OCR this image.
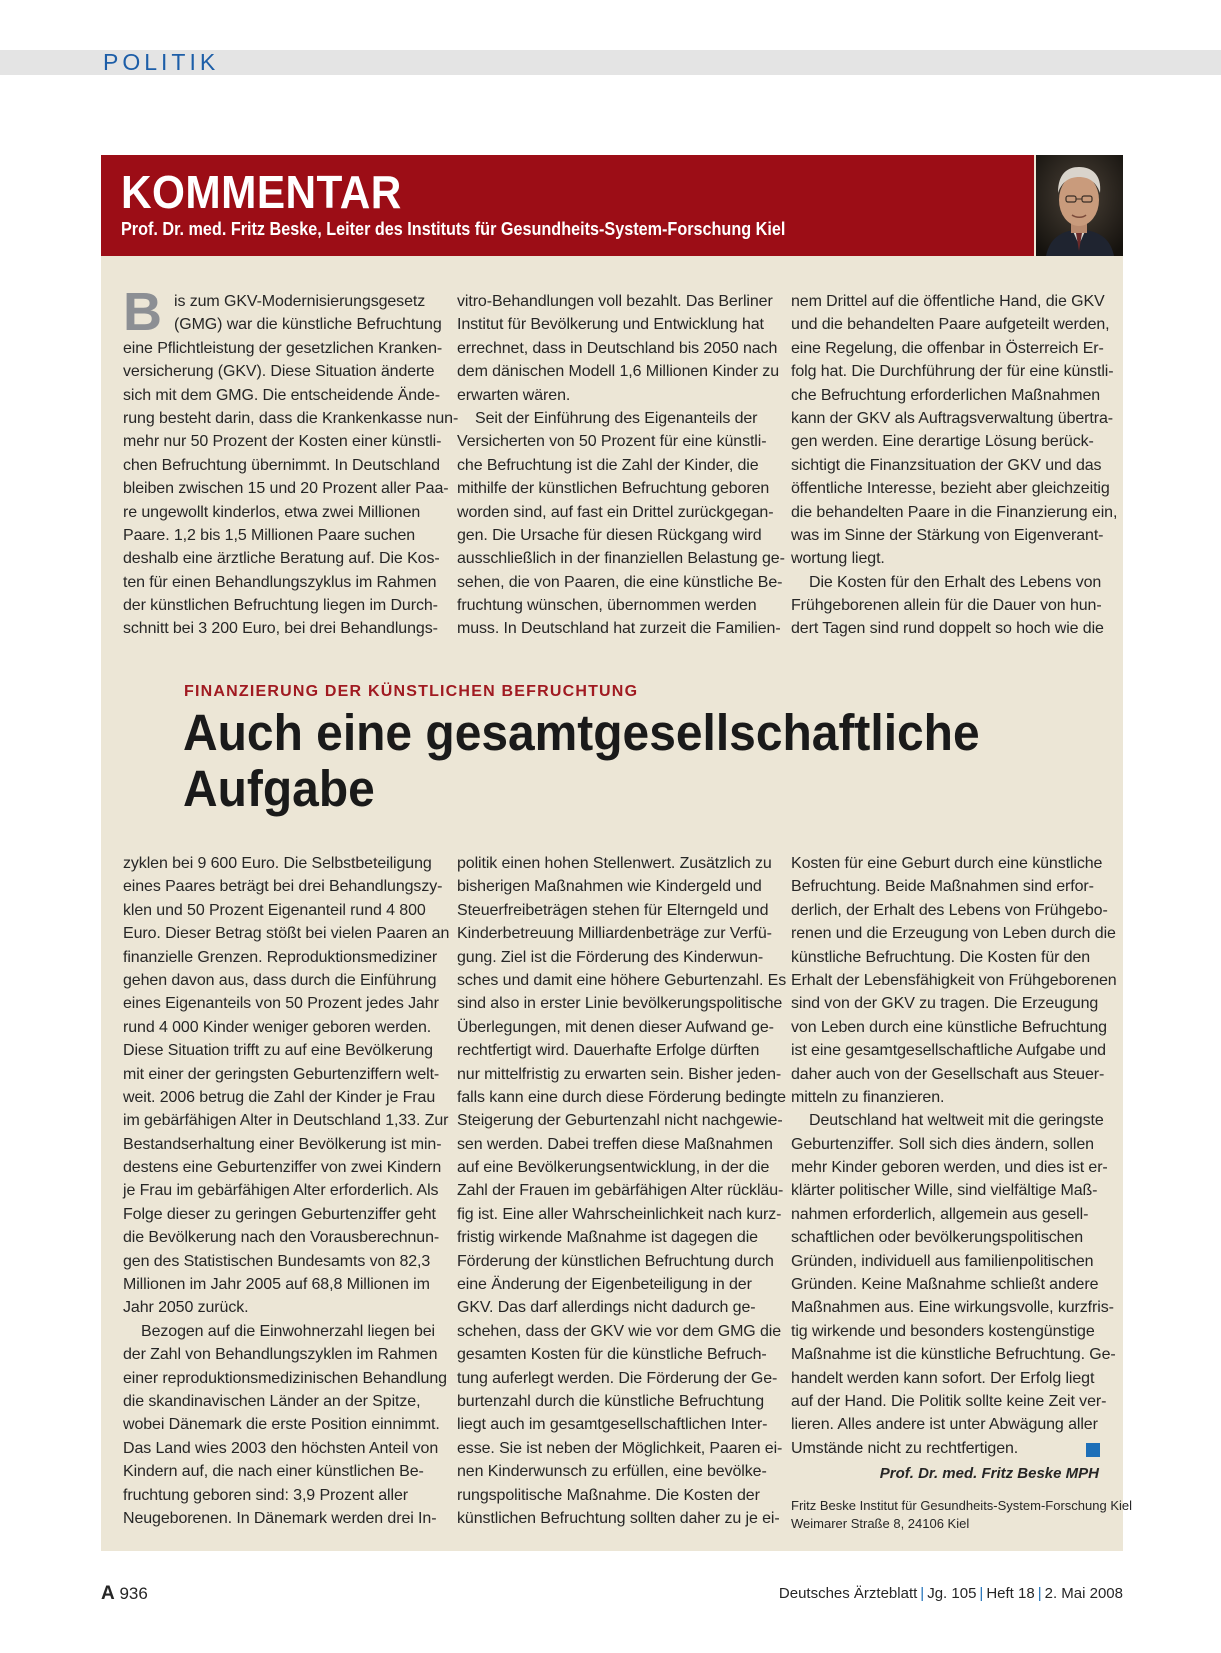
POLITIK
KOMMENTAR
Prof. Dr. med. Fritz Beske, Leiter des Instituts für Gesundheits-System-Forschung Kiel
B is zum GKV-Modernisierungsgesetz
(GMG) war die künstliche Befruchtung
eine Pflichtleistung der gesetzlichen Kranken-
versicherung (GKV). Diese Situation änderte
sich mit dem GMG. Die entscheidende Ände-
rung besteht darin, dass die Krankenkasse nun-
mehr nur 50 Prozent der Kosten einer künstli-
chen Befruchtung übernimmt. In Deutschland
bleiben zwischen 15 und 20 Prozent aller Paa-
re ungewollt kinderlos, etwa zwei Millionen
Paare. 1,2 bis 1,5 Millionen Paare suchen
deshalb eine ärztliche Beratung auf. Die Kos-
ten für einen Behandlungszyklus im Rahmen
der künstlichen Befruchtung liegen im Durch-
schnitt bei 3 200 Euro, bei drei Behandlungs-
vitro-Behandlungen voll bezahlt. Das Berliner
Institut für Bevölkerung und Entwicklung hat
errechnet, dass in Deutschland bis 2050 nach
dem dänischen Modell 1,6 Millionen Kinder zu
erwarten wären.
Seit der Einführung des Eigenanteils der
Versicherten von 50 Prozent für eine künstli-
che Befruchtung ist die Zahl der Kinder, die
mithilfe der künstlichen Befruchtung geboren
worden sind, auf fast ein Drittel zurückgegan-
gen. Die Ursache für diesen Rückgang wird
ausschließlich in der finanziellen Belastung ge-
sehen, die von Paaren, die eine künstliche Be-
fruchtung wünschen, übernommen werden
muss. In Deutschland hat zurzeit die Familien-
nem Drittel auf die öffentliche Hand, die GKV
und die behandelten Paare aufgeteilt werden,
eine Regelung, die offenbar in Österreich Er-
folg hat. Die Durchführung der für eine künstli-
che Befruchtung erforderlichen Maßnahmen
kann der GKV als Auftragsverwaltung übertra-
gen werden. Eine derartige Lösung berück-
sichtigt die Finanzsituation der GKV und das
öffentliche Interesse, bezieht aber gleichzeitig
die behandelten Paare in die Finanzierung ein,
was im Sinne der Stärkung von Eigenverant-
wortung liegt.
Die Kosten für den Erhalt des Lebens von
Frühgeborenen allein für die Dauer von hun-
dert Tagen sind rund doppelt so hoch wie die
FINANZIERUNG DER KÜNSTLICHEN BEFRUCHTUNG
Auch eine gesamtgesellschaftliche Aufgabe
zyklen bei 9 600 Euro. Die Selbstbeteiligung
eines Paares beträgt bei drei Behandlungszy-
klen und 50 Prozent Eigenanteil rund 4 800
Euro. Dieser Betrag stößt bei vielen Paaren an
finanzielle Grenzen. Reproduktionsmediziner
gehen davon aus, dass durch die Einführung
eines Eigenanteils von 50 Prozent jedes Jahr
rund 4 000 Kinder weniger geboren werden.
Diese Situation trifft zu auf eine Bevölkerung
mit einer der geringsten Geburtenziffern welt-
weit. 2006 betrug die Zahl der Kinder je Frau
im gebärfähigen Alter in Deutschland 1,33. Zur
Bestandserhaltung einer Bevölkerung ist min-
destens eine Geburtenziffer von zwei Kindern
je Frau im gebärfähigen Alter erforderlich. Als
Folge dieser zu geringen Geburtenziffer geht
die Bevölkerung nach den Vorausberechnun-
gen des Statistischen Bundesamts von 82,3
Millionen im Jahr 2005 auf 68,8 Millionen im
Jahr 2050 zurück.
Bezogen auf die Einwohnerzahl liegen bei
der Zahl von Behandlungszyklen im Rahmen
einer reproduktionsmedizinischen Behandlung
die skandinavischen Länder an der Spitze,
wobei Dänemark die erste Position einnimmt.
Das Land wies 2003 den höchsten Anteil von
Kindern auf, die nach einer künstlichen Be-
fruchtung geboren sind: 3,9 Prozent aller
Neugeborenen. In Dänemark werden drei In-
politik einen hohen Stellenwert. Zusätzlich zu
bisherigen Maßnahmen wie Kindergeld und
Steuerfreibeträgen stehen für Elterngeld und
Kinderbetreuung Milliardenbeträge zur Verfü-
gung. Ziel ist die Förderung des Kinderwun-
sches und damit eine höhere Geburtenzahl. Es
sind also in erster Linie bevölkerungspolitische
Überlegungen, mit denen dieser Aufwand ge-
rechtfertigt wird. Dauerhafte Erfolge dürften
nur mittelfristig zu erwarten sein. Bisher jeden-
falls kann eine durch diese Förderung bedingte
Steigerung der Geburtenzahl nicht nachgewie-
sen werden. Dabei treffen diese Maßnahmen
auf eine Bevölkerungsentwicklung, in der die
Zahl der Frauen im gebärfähigen Alter rückläu-
fig ist. Eine aller Wahrscheinlichkeit nach kurz-
fristig wirkende Maßnahme ist dagegen die
Förderung der künstlichen Befruchtung durch
eine Änderung der Eigenbeteiligung in der
GKV. Das darf allerdings nicht dadurch ge-
schehen, dass der GKV wie vor dem GMG die
gesamten Kosten für die künstliche Befruch-
tung auferlegt werden. Die Förderung der Ge-
burtenzahl durch die künstliche Befruchtung
liegt auch im gesamtgesellschaftlichen Inter-
esse. Sie ist neben der Möglichkeit, Paaren ei-
nen Kinderwunsch zu erfüllen, eine bevölke-
rungspolitische Maßnahme. Die Kosten der
künstlichen Befruchtung sollten daher zu je ei-
Kosten für eine Geburt durch eine künstliche
Befruchtung. Beide Maßnahmen sind erfor-
derlich, der Erhalt des Lebens von Frühgebo-
renen und die Erzeugung von Leben durch die
künstliche Befruchtung. Die Kosten für den
Erhalt der Lebensfähigkeit von Frühgeborenen
sind von der GKV zu tragen. Die Erzeugung
von Leben durch eine künstliche Befruchtung
ist eine gesamtgesellschaftliche Aufgabe und
daher auch von der Gesellschaft aus Steuer-
mitteln zu finanzieren.
Deutschland hat weltweit mit die geringste
Geburtenziffer. Soll sich dies ändern, sollen
mehr Kinder geboren werden, und dies ist er-
klärter politischer Wille, sind vielfältige Maß-
nahmen erforderlich, allgemein aus gesell-
schaftlichen oder bevölkerungspolitischen
Gründen, individuell aus familienpolitischen
Gründen. Keine Maßnahme schließt andere
Maßnahmen aus. Eine wirkungsvolle, kurzfris-
tig wirkende und besonders kostengünstige
Maßnahme ist die künstliche Befruchtung. Ge-
handelt werden kann sofort. Der Erfolg liegt
auf der Hand. Die Politik sollte keine Zeit ver-
lieren. Alles andere ist unter Abwägung aller
Umstände nicht zu rechtfertigen.
Prof. Dr. med. Fritz Beske MPH
Fritz Beske Institut für Gesundheits-System-Forschung Kiel
Weimarer Straße 8, 24106 Kiel
A 936	Deutsches Ärzteblatt | Jg. 105 | Heft 18 | 2. Mai 2008
